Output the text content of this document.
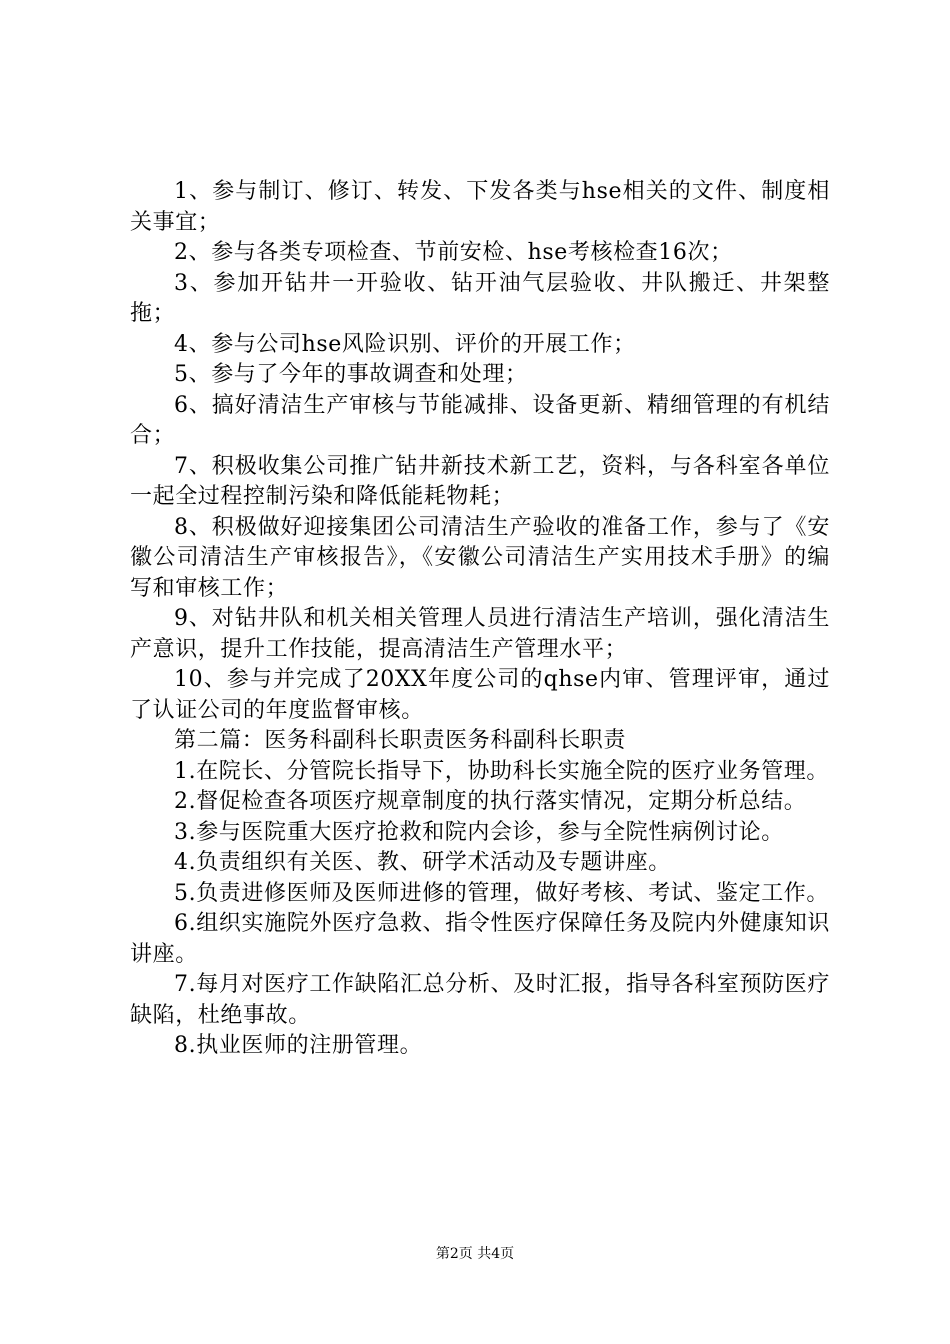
1、参与制订、修订、转发、下发各类与hse相关的文件、制度相关事宜；

2、参与各类专项检查、节前安检、hse考核检查16次；

3、参加开钻井一开验收、钻开油气层验收、井队搬迁、井架整拖；

4、参与公司hse风险识别、评价的开展工作；

5、参与了今年的事故调查和处理；

6、搞好清洁生产审核与节能减排、设备更新、精细管理的有机结合；

7、积极收集公司推广钻井新技术新工艺，资料，与各科室各单位一起全过程控制污染和降低能耗物耗；

8、积极做好迎接集团公司清洁生产验收的准备工作，参与了《安徽公司清洁生产审核报告》，《安徽公司清洁生产实用技术手册》的编写和审核工作；

9、对钻井队和机关相关管理人员进行清洁生产培训，强化清洁生产意识，提升工作技能，提高清洁生产管理水平；

10、参与并完成了20XX年度公司的qhse内审、管理评审，通过了认证公司的年度监督审核。

第二篇：医务科副科长职责医务科副科长职责

1.在院长、分管院长指导下，协助科长实施全院的医疗业务管理。

2.督促检查各项医疗规章制度的执行落实情况，定期分析总结。

3.参与医院重大医疗抢救和院内会诊，参与全院性病例讨论。

4.负责组织有关医、教、研学术活动及专题讲座。

5.负责进修医师及医师进修的管理，做好考核、考试、鉴定工作。

6.组织实施院外医疗急救、指令性医疗保障任务及院内外健康知识讲座。

7.每月对医疗工作缺陷汇总分析、及时汇报，指导各科室预防医疗缺陷，杜绝事故。

8.执业医师的注册管理。

第2页 共4页
